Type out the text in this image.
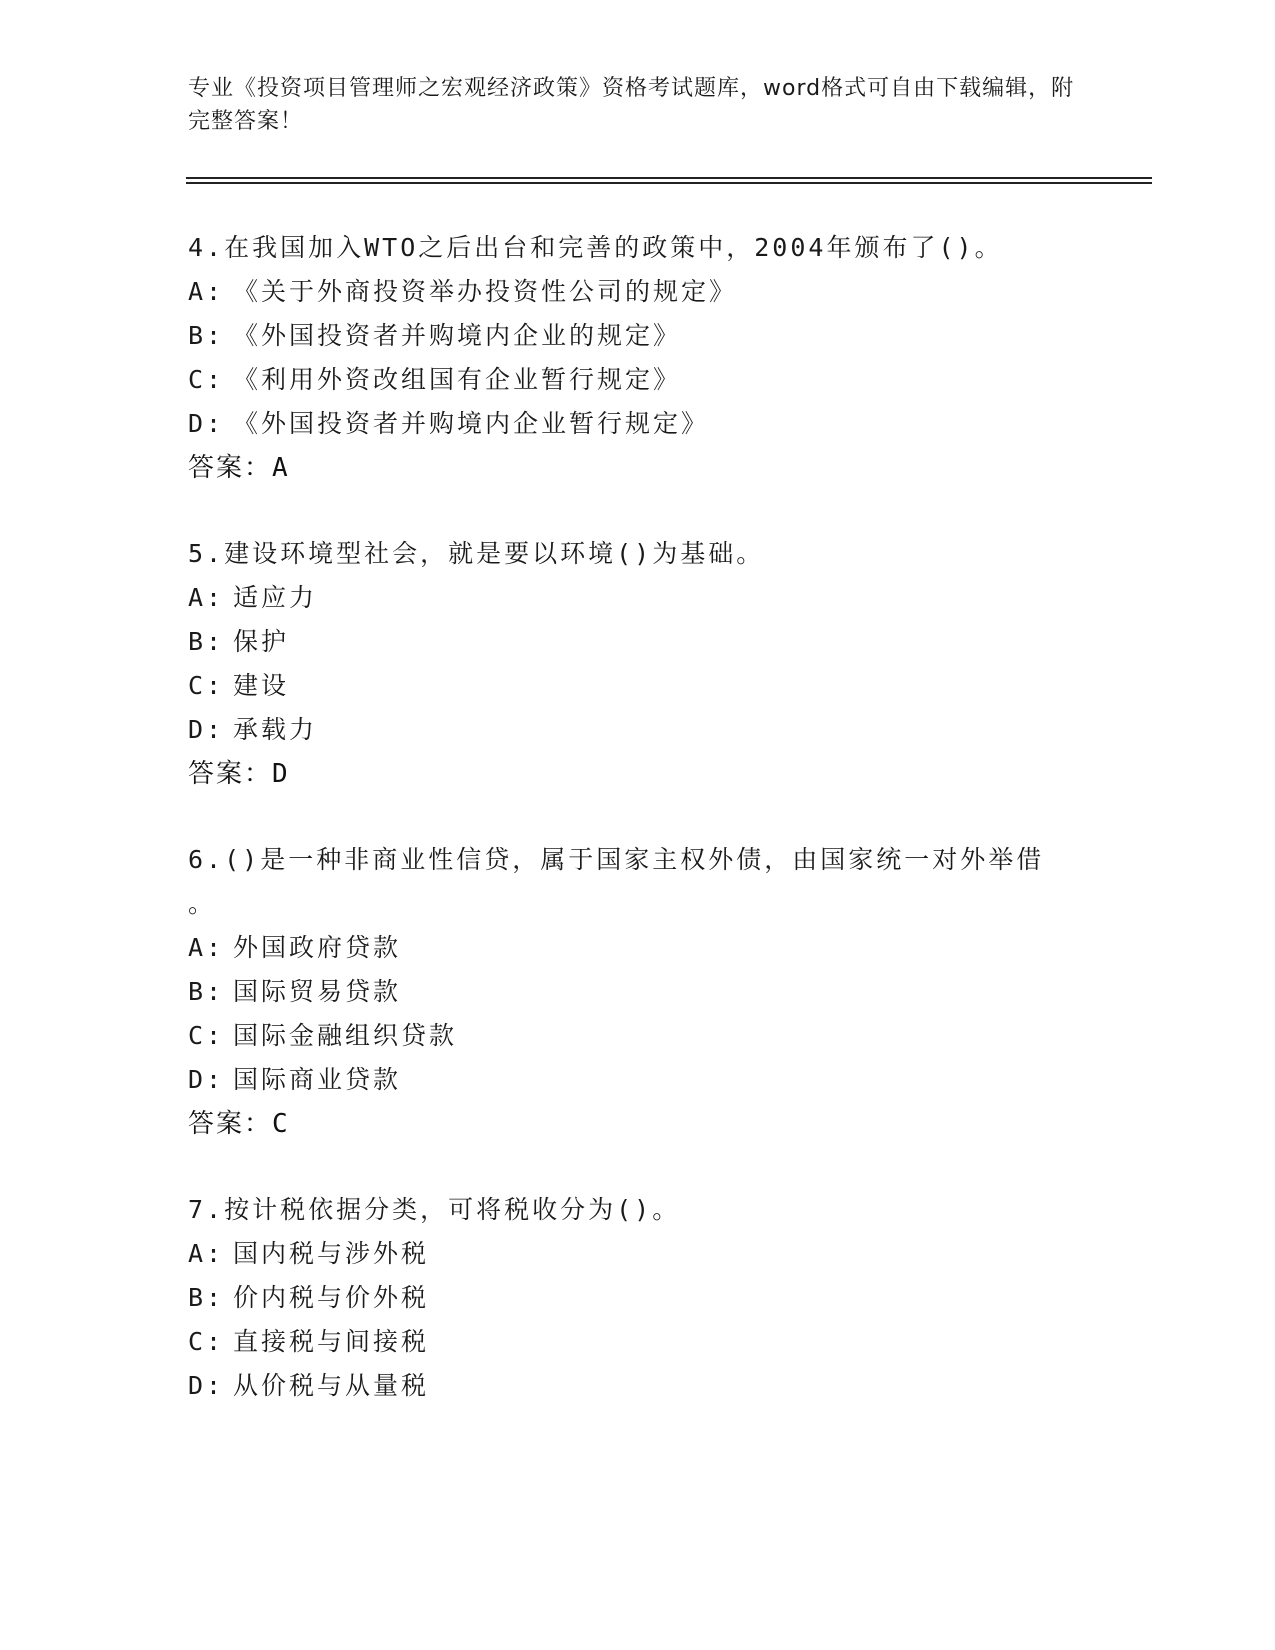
专业《投资项目管理师之宏观经济政策》资格考试题库，word格式可自由下载编辑，附完整答案！
4.在我国加入WTO之后出台和完善的政策中，2004年颁布了()。
A: 《关于外商投资举办投资性公司的规定》
B: 《外国投资者并购境内企业的规定》
C: 《利用外资改组国有企业暂行规定》
D: 《外国投资者并购境内企业暂行规定》
答案：A
5.建设环境型社会，就是要以环境()为基础。
A: 适应力
B: 保护
C: 建设
D: 承载力
答案：D
6.()是一种非商业性信贷，属于国家主权外债，由国家统一对外举借
。
A: 外国政府贷款
B: 国际贸易贷款
C: 国际金融组织贷款
D: 国际商业贷款
答案：C
7.按计税依据分类，可将税收分为()。
A: 国内税与涉外税
B: 价内税与价外税
C: 直接税与间接税
D: 从价税与从量税
